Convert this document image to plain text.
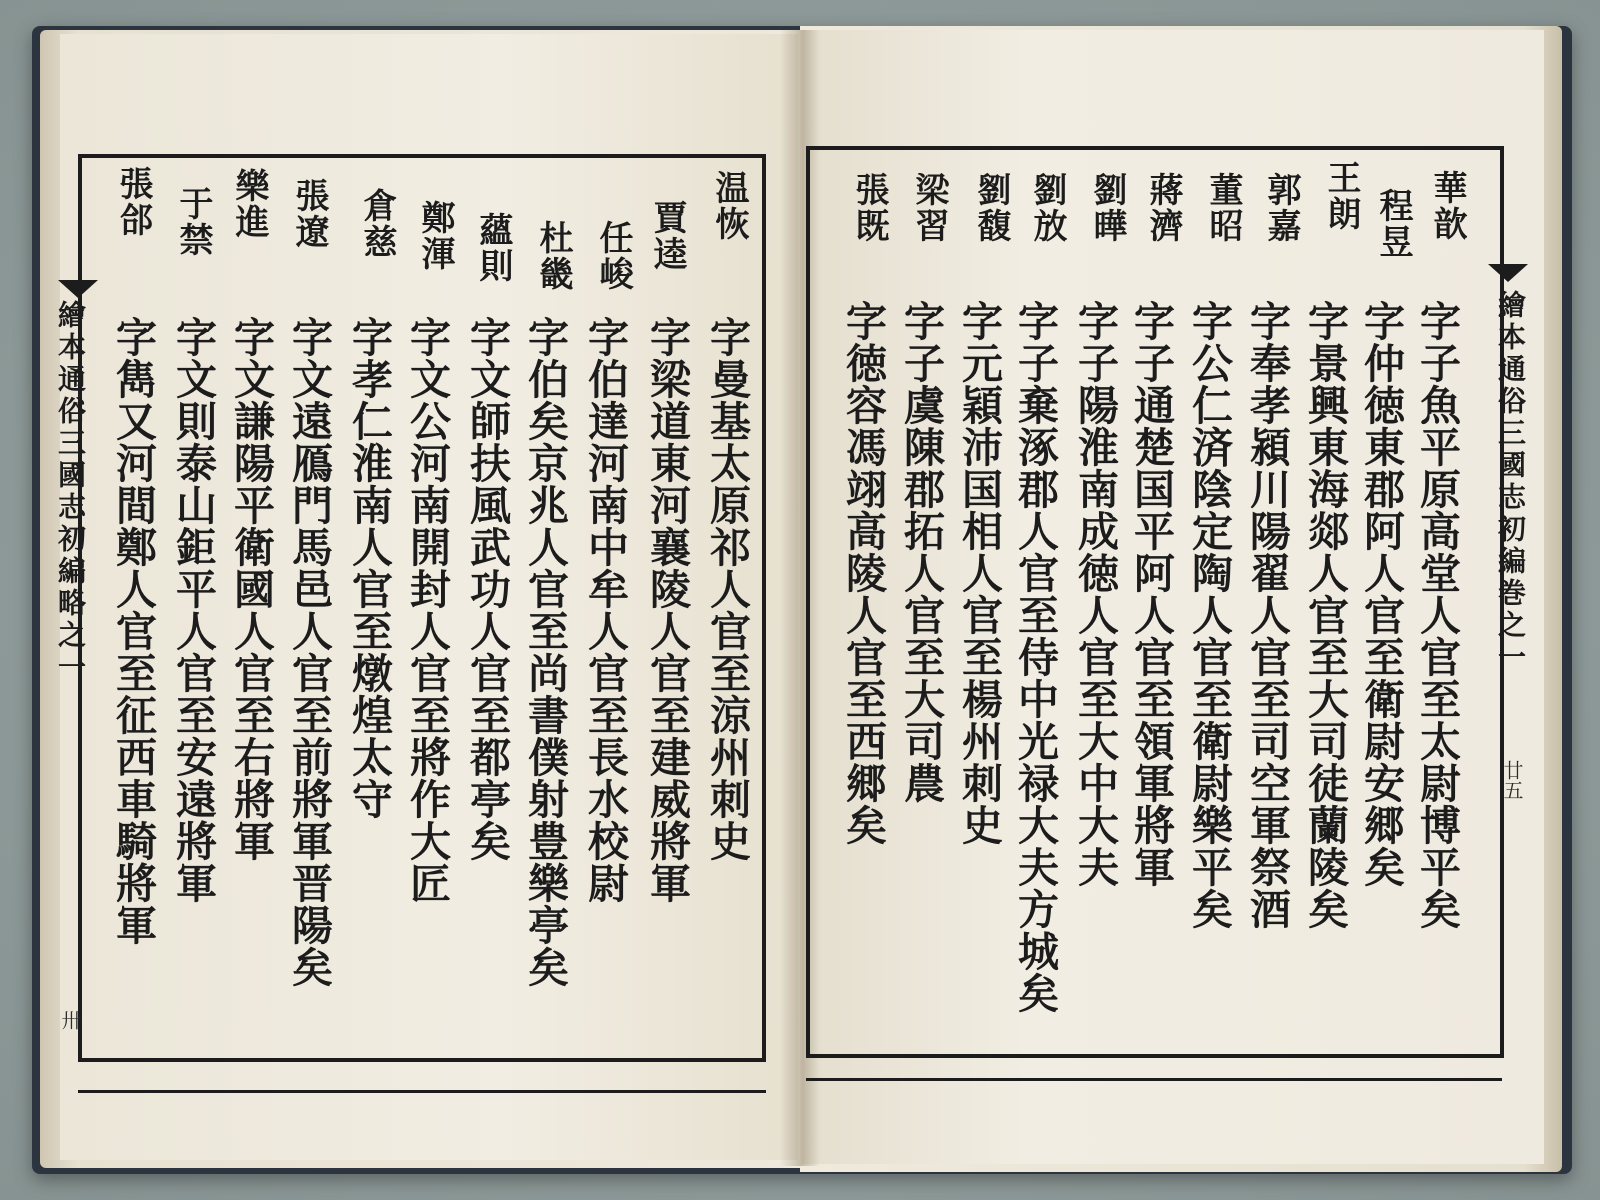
繪本通俗三國志初編略之一
卅
繪本通俗三國志初編巻之一
廿五
温恢
賈逵
任峻
杜畿
蘊則
鄭渾
倉慈
張遼
樂進
于禁
張郃
字曼基太原祁人官至涼州刺史
字梁道東河襄陵人官至建威將軍
字伯達河南中牟人官至長水校尉
字伯矣京兆人官至尚書僕射豊樂亭矣
字文師扶風武功人官至都亭矣
字文公河南開封人官至將作大匠
字孝仁淮南人官至燉煌太守
字文遠鴈門馬邑人官至前將軍晋陽矣
字文謙陽平衛國人官至右將軍
字文則泰山鉅平人官至安遠將軍
字雋又河間鄭人官至征西車騎將軍
華歆
程昱
王朗
郭嘉
董昭
蔣濟
劉曄
劉放
劉馥
梁習
張既
字子魚平原高堂人官至太尉博平矣
字仲徳東郡阿人官至衛尉安郷矣
字景興東海郯人官至大司徒蘭陵矣
字奉孝潁川陽翟人官至司空軍祭酒
字公仁済陰定陶人官至衛尉樂平矣
字子通楚国平阿人官至領軍將軍
字子陽淮南成徳人官至大中大夫
字子棄涿郡人官至侍中光禄大夫方城矣
字元穎沛国相人官至楊州刺史
字子虞陳郡拓人官至大司農
字徳容馮翊高陵人官至西郷矣
